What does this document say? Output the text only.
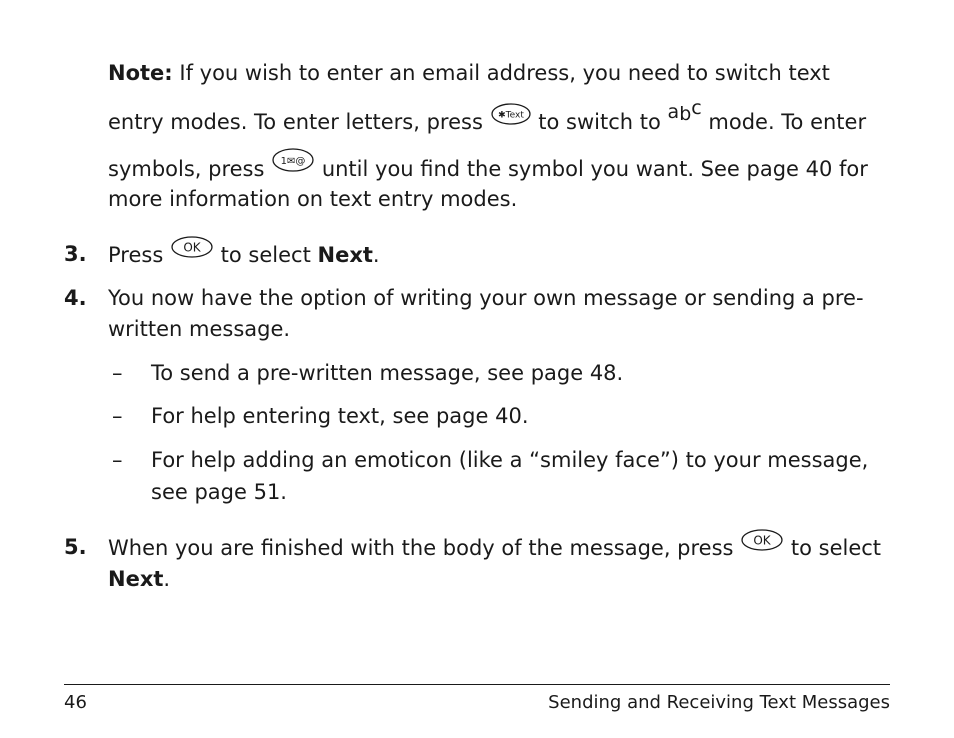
Note: If you wish to enter an email address, you need to switch text
entry modes. To enter letters, press ✱Text to switch to abc mode. To enter
symbols, press 1✉@ until you find the symbol you want. See page 40 for
more information on text entry modes.
3. Press OK to select Next.
4. You now have the option of writing your own message or sending a pre-
written message.
– To send a pre-written message, see page 48.
– For help entering text, see page 40.
– For help adding an emoticon (like a “smiley face”) to your message,
see page 51.
5. When you are finished with the body of the message, press OK to select
Next.
46	Sending and Receiving Text Messages
